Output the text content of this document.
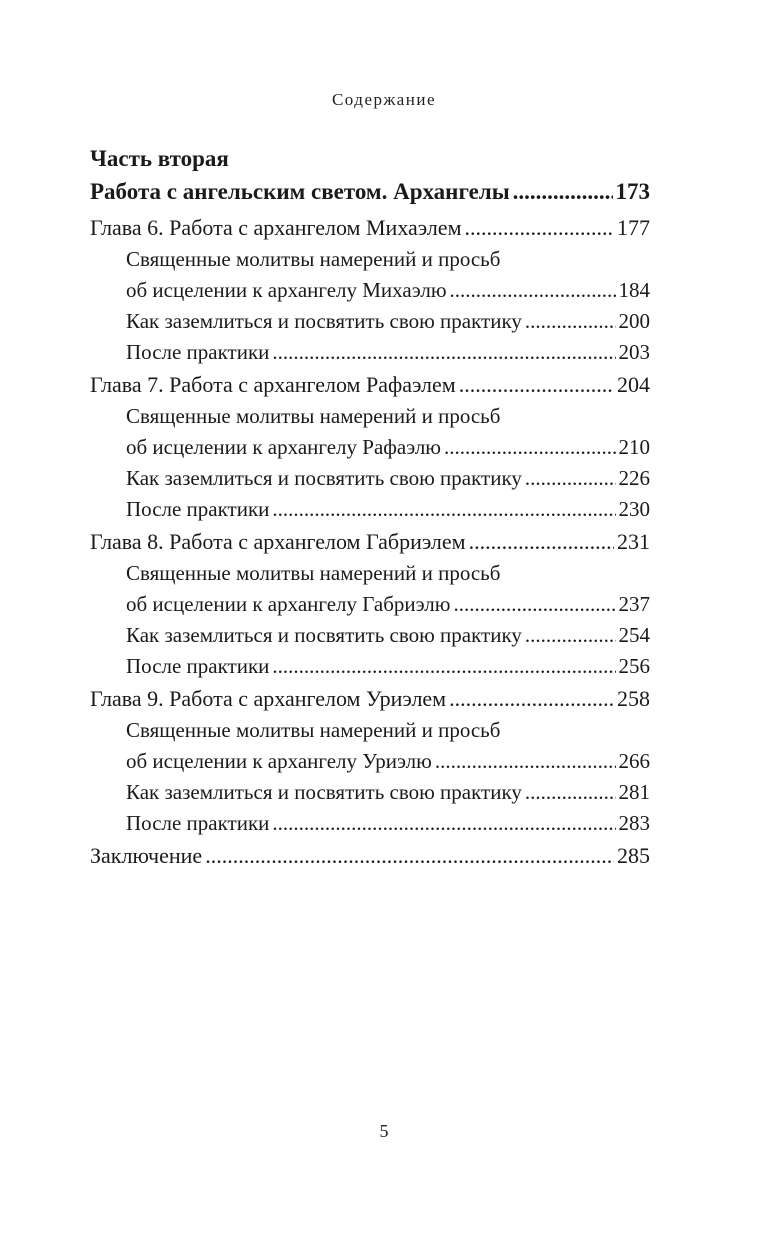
Содержание
Часть вторая
Работа с ангельским светом. Архангелы .....	173
Глава 6. Работа с архангелом Михаэлем .....	177
Священные молитвы намерений и просьб
об исцелении к архангелу Михаэлю .....	184
Как заземлиться и посвятить свою практику .....	200
После практики .....	203
Глава 7. Работа с архангелом Рафаэлем .....	204
Священные молитвы намерений и просьб
об исцелении к архангелу Рафаэлю .....	210
Как заземлиться и посвятить свою практику .....	226
После практики .....	230
Глава 8. Работа с архангелом Габриэлем .....	231
Священные молитвы намерений и просьб
об исцелении к архангелу Габриэлю .....	237
Как заземлиться и посвятить свою практику .....	254
После практики .....	256
Глава 9. Работа с архангелом Уриэлем .....	258
Священные молитвы намерений и просьб
об исцелении к архангелу Уриэлю .....	266
Как заземлиться и посвятить свою практику .....	281
После практики .....	283
Заключение .....	285
5
